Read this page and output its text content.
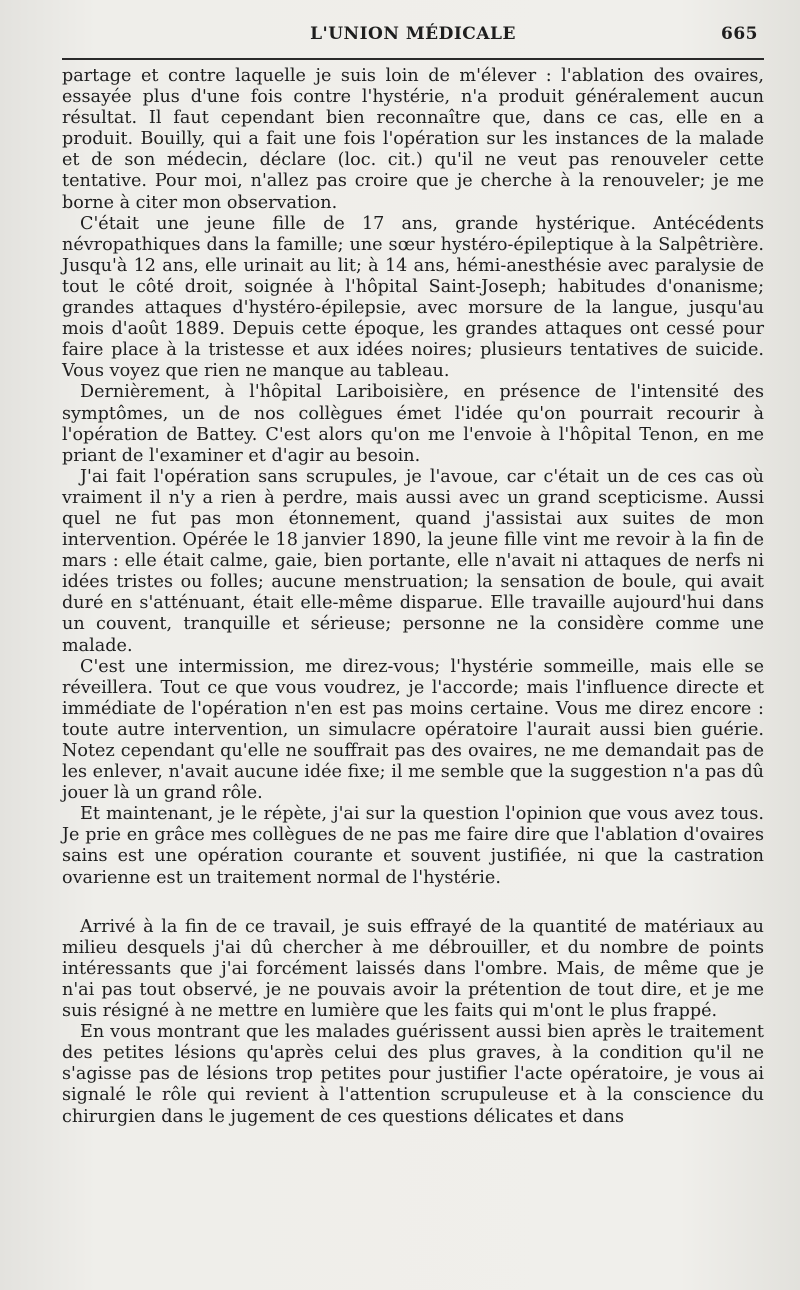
L'UNION MÉDICALE	665

partage et contre laquelle je suis loin de m'élever : l'ablation des ovaires, essayée plus d'une fois contre l'hystérie, n'a produit généralement aucun résultat. Il faut cependant bien reconnaître que, dans ce cas, elle en a produit. Bouilly, qui a fait une fois l'opération sur les instances de la malade et de son médecin, déclare (loc. cit.) qu'il ne veut pas renouveler cette tentative. Pour moi, n'allez pas croire que je cherche à la renouveler; je me borne à citer mon observation.

C'était une jeune fille de 17 ans, grande hystérique. Antécédents névropathiques dans la famille; une sœur hystéro-épileptique à la Salpêtrière. Jusqu'à 12 ans, elle urinait au lit; à 14 ans, hémi-anesthésie avec paralysie de tout le côté droit, soignée à l'hôpital Saint-Joseph; habitudes d'onanisme; grandes attaques d'hystéro-épilepsie, avec morsure de la langue, jusqu'au mois d'août 1889. Depuis cette époque, les grandes attaques ont cessé pour faire place à la tristesse et aux idées noires; plusieurs tentatives de suicide. Vous voyez que rien ne manque au tableau.

Dernièrement, à l'hôpital Lariboisière, en présence de l'intensité des symptômes, un de nos collègues émet l'idée qu'on pourrait recourir à l'opération de Battey. C'est alors qu'on me l'envoie à l'hôpital Tenon, en me priant de l'examiner et d'agir au besoin.

J'ai fait l'opération sans scrupules, je l'avoue, car c'était un de ces cas où vraiment il n'y a rien à perdre, mais aussi avec un grand scepticisme. Aussi quel ne fut pas mon étonnement, quand j'assistai aux suites de mon intervention. Opérée le 18 janvier 1890, la jeune fille vint me revoir à la fin de mars : elle était calme, gaie, bien portante, elle n'avait ni attaques de nerfs ni idées tristes ou folles; aucune menstruation; la sensation de boule, qui avait duré en s'atténuant, était elle-même disparue. Elle travaille aujourd'hui dans un couvent, tranquille et sérieuse; personne ne la considère comme une malade.

C'est une intermission, me direz-vous; l'hystérie sommeille, mais elle se réveillera. Tout ce que vous voudrez, je l'accorde; mais l'influence directe et immédiate de l'opération n'en est pas moins certaine. Vous me direz encore : toute autre intervention, un simulacre opératoire l'aurait aussi bien guérie. Notez cependant qu'elle ne souffrait pas des ovaires, ne me demandait pas de les enlever, n'avait aucune idée fixe; il me semble que la suggestion n'a pas dû jouer là un grand rôle.

Et maintenant, je le répète, j'ai sur la question l'opinion que vous avez tous. Je prie en grâce mes collègues de ne pas me faire dire que l'ablation d'ovaires sains est une opération courante et souvent justifiée, ni que la castration ovarienne est un traitement normal de l'hystérie.

Arrivé à la fin de ce travail, je suis effrayé de la quantité de matériaux au milieu desquels j'ai dû chercher à me débrouiller, et du nombre de points intéressants que j'ai forcément laissés dans l'ombre. Mais, de même que je n'ai pas tout observé, je ne pouvais avoir la prétention de tout dire, et je me suis résigné à ne mettre en lumière que les faits qui m'ont le plus frappé.

En vous montrant que les malades guérissent aussi bien après le traitement des petites lésions qu'après celui des plus graves, à la condition qu'il ne s'agisse pas de lésions trop petites pour justifier l'acte opératoire, je vous ai signalé le rôle qui revient à l'attention scrupuleuse et à la conscience du chirurgien dans le jugement de ces questions délicates et dans
